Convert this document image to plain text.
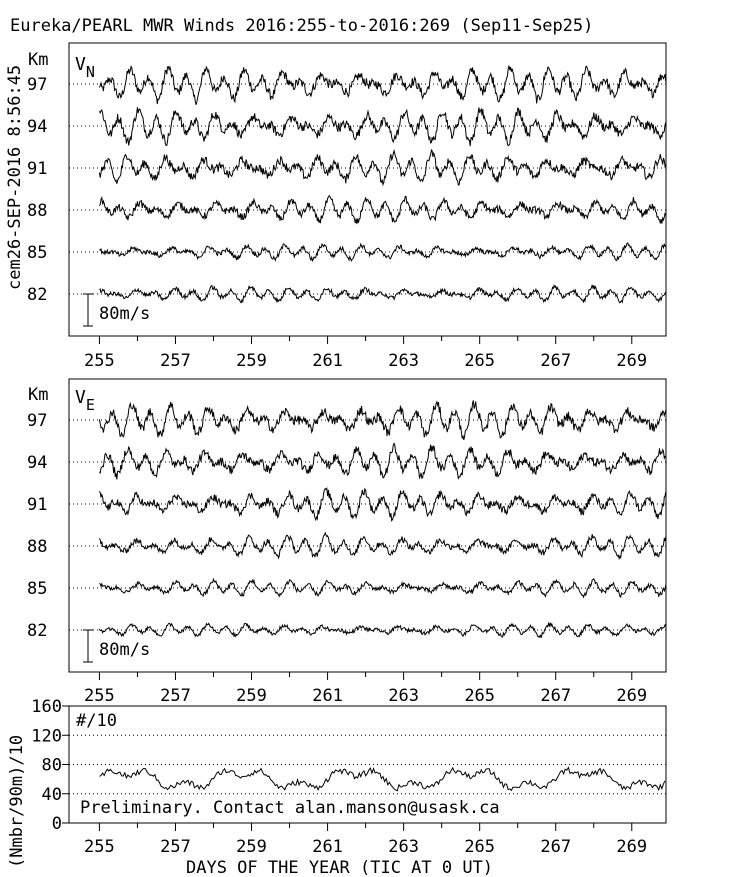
Eureka/PEARL MWR Winds 2016:255-to-2016:269 (Sep11-Sep25)
cem26-SEP-2016 8:56:45
Km $V_N$
97
94
91
88
85
82
80m/s
255	257	259	261	263	265	267	269
Km $V_E$
97
94
91
88
85
82
80m/s
255	257	259	261	263	265	267	269
(Nmbr/90m)/10
#/10
Preliminary. Contact alan.manson@usask.ca
0
40
80
120
160
255	257	259	261	263	265	267	269
DAYS OF THE YEAR (TIC AT 0 UT)
